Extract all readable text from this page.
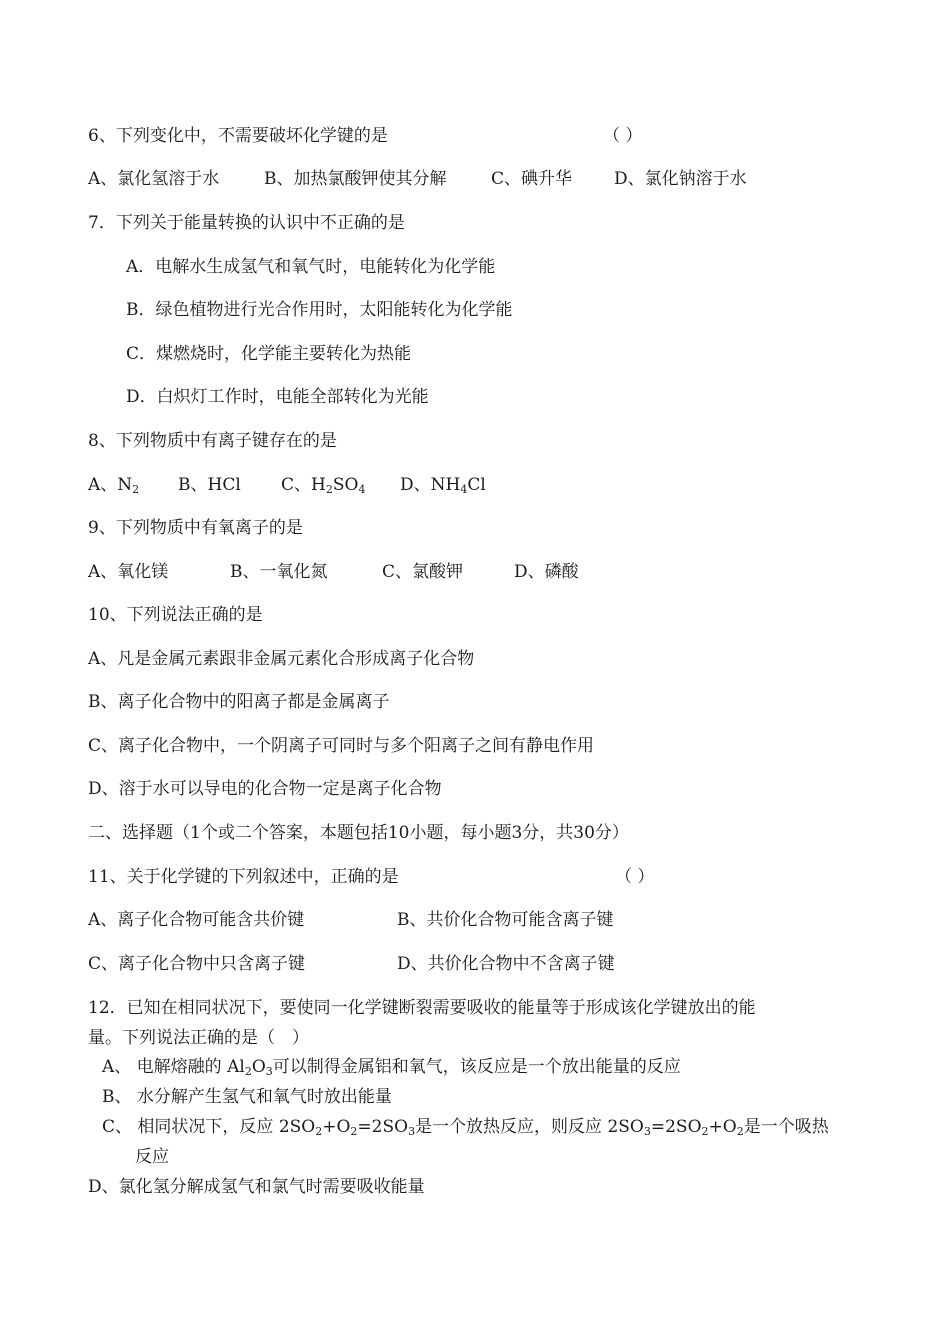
6、下列变化中，不需要破坏化学键的是	（ ）
A、氯化氢溶于水	B、加热氯酸钾使其分解	C、碘升华 D、氯化钠溶于水
7．下列关于能量转换的认识中不正确的是
A．电解水生成氢气和氧气时，电能转化为化学能
B．绿色植物进行光合作用时，太阳能转化为化学能
C．煤燃烧时，化学能主要转化为热能
D．白炽灯工作时，电能全部转化为光能
8、下列物质中有离子键存在的是
A、$N_2$ B、HCl C、$H_2SO_4$ D、$NH_4Cl$
9、下列物质中有氧离子的是
A、氧化镁	B、一氧化氮	C、氯酸钾	D、磷酸
10、下列说法正确的是
A、凡是金属元素跟非金属元素化合形成离子化合物
B、离子化合物中的阳离子都是金属离子
C、离子化合物中，一个阴离子可同时与多个阳离子之间有静电作用
D、溶于水可以导电的化合物一定是离子化合物
二、选择题（1个或二个答案，本题包括10小题，每小题3分，共30分）
11、关于化学键的下列叙述中，正确的是	（ ）
A、离子化合物可能含共价键	B、共价化合物可能含离子键
C、离子化合物中只含离子键	D、共价化合物中不含离子键
12．已知在相同状况下，要使同一化学键断裂需要吸收的能量等于形成该化学键放出的能
量。下列说法正确的是（　）
A、 电解熔融的 $Al_2O_3$可以制得金属铝和氧气，该反应是一个放出能量的反应
B、 水分解产生氢气和氧气时放出能量
C、 相同状况下，反应 $2SO_2+O_2=2SO_3$是一个放热反应，则反应 $2SO_3=2SO_2+O_2$是一个吸热
反应
D、氯化氢分解成氢气和氯气时需要吸收能量
